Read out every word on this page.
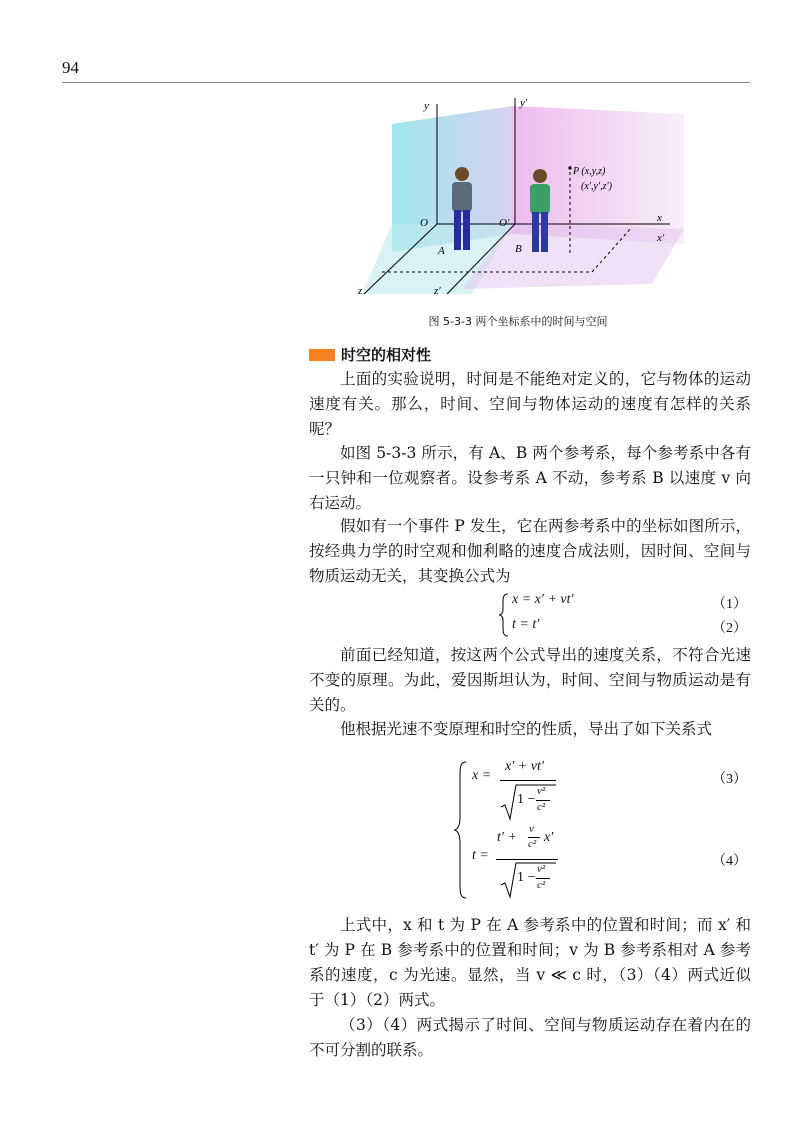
94
y	y′
x
x′
z	z′
O	O′
A	B
P (x,y,z)
(x′,y′,z′)
图 5-3-3 两个坐标系中的时间与空间
时空的相对性

上面的实验说明，时间是不能绝对定义的，它与物体的运动速度有关。那么，时间、空间与物体运动的速度有怎样的关系呢？

如图 5-3-3 所示，有 A、B 两个参考系，每个参考系中各有一只钟和一位观察者。设参考系 A 不动，参考系 B 以速度 v 向右运动。

假如有一个事件 P 发生，它在两参考系中的坐标如图所示，按经典力学的时空观和伽利略的速度合成法则，因时间、空间与物质运动无关，其变换公式为

x = x′ + vt′	（1）
t = t′	（2）

前面已经知道，按这两个公式导出的速度关系，不符合光速不变的原理。为此，爱因斯坦认为，时间、空间与物质运动是有关的。

他根据光速不变原理和时空的性质，导出了如下关系式

x =
x′ + vt′
1 −
v²
c²
（3）
t =
t′ +
v
c² x′
1 −
v²
c²
（4）

上式中，x 和 t 为 P 在 A 参考系中的位置和时间；而 x′ 和 t′ 为 P 在 B 参考系中的位置和时间；v 为 B 参考系相对 A 参考系的速度，c 为光速。显然，当 v ≪ c 时，（3）（4）两式近似于（1）（2）两式。

（3）（4）两式揭示了时间、空间与物质运动存在着内在的不可分割的联系。
